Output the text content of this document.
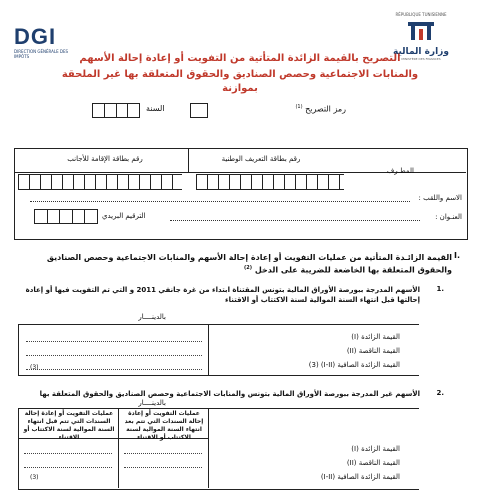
DGI
DIRECTION GÉNÉRALE DES IMPÔTS
RÉPUBLIQUE TUNISIENNE
وزارة المالية
MINISTÈRE DES FINANCES
التصريح بالقيمة الزائدة المتأتية من التفويت أو إعادة إحالة الأسهم
والمنابات الاجتماعية وحصص الصناديق والحقوق المتعلقة بها غير الملحقة بموازنة
رمز التصريح $^{(1)}$
السنة
رقم بطاقة التعريف الوطنية
رقم بطاقة الإقامة للأجانب
المطـرف
الاسم واللقب :
العنـوان :
الترقيم البريدي
I.
القيمة الزائـدة المتأتية من عمليات التفويت أو إعادة إحالة الأسهم والمنابات الاجتماعية وحصص الصناديق والحقوق المتعلقة بها الخاضعة للضريبة على الدخل $^{(2)}$
1.
الأسهم المدرجة ببورصة الأوراق المالية بتونس المقتناة ابتداء من غرة جانفي 2011 و التي تم التفويت فيها أو إعادة إحالتها قبل انتهاء السنة الموالية لسنة الاكتتاب أو الاقتناء
بالدينــــار
القيمة الزائدة (I)
القيمة الناقصة (II)
القيمة الزائدة الصافية (I-II) (3)
(3)
2.
الأسهم غير المدرجة ببورصة الأوراق المالية بتونس والمنابات الاجتماعية وحصص الصناديق والحقوق المتعلقة بها
بالدينــــار
عمليات التفويت أو إعادة إحالة السندات التي تتم بعد انتهاء السنة الموالية لسنة الاكتتاب أو الاقتناء
عمليات التفويت أو إعادة إحالة السندات التي تتم قبل انتهاء السنة الموالية لسنة الاكتتاب أو الاقتناء
القيمة الزائدة (I)
القيمة الناقصة (II)
القيمة الزائدة الصافية (I-II)
(3)
